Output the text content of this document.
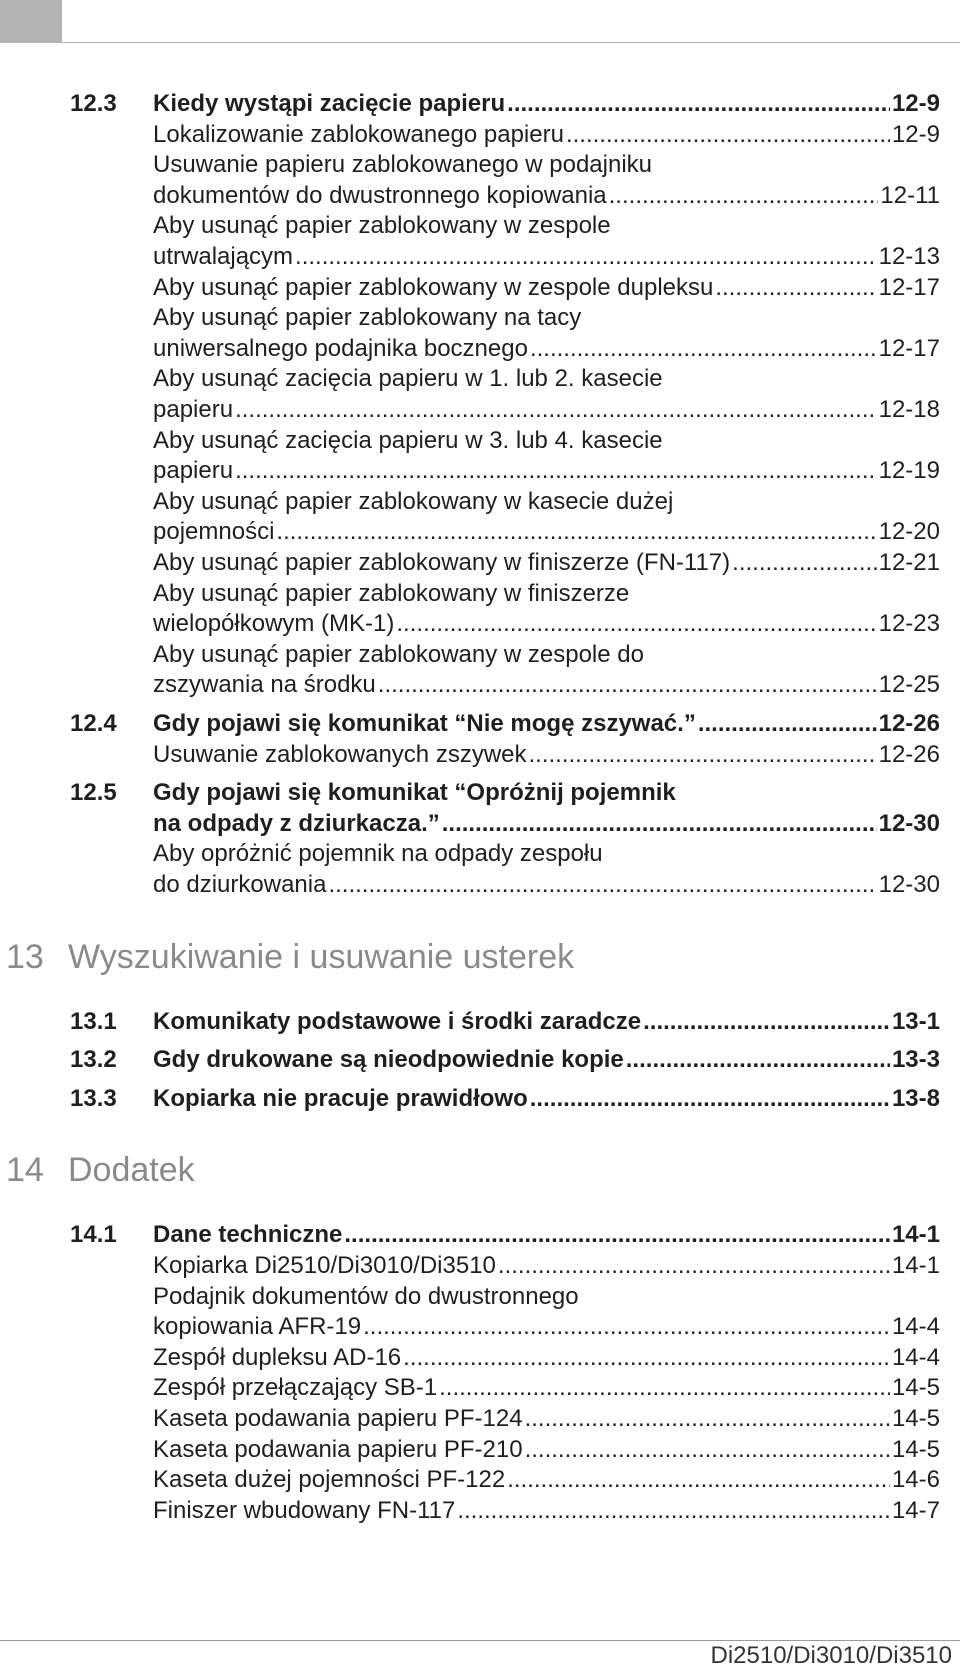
12.3 Kiedy wystąpi zacięcie papieru .....	12-9
Lokalizowanie zablokowanego papieru .....	12-9
Usuwanie papieru zablokowanego w podajniku
dokumentów do dwustronnego kopiowania .....	12-11
Aby usunąć papier zablokowany w zespole
utrwalającym .....	12-13
Aby usunąć papier zablokowany w zespole dupleksu .....	12-17
Aby usunąć papier zablokowany na tacy
uniwersalnego podajnika bocznego .....	12-17
Aby usunąć zacięcia papieru w 1. lub 2. kasecie
papieru .....	12-18
Aby usunąć zacięcia papieru w 3. lub 4. kasecie
papieru .....	12-19
Aby usunąć papier zablokowany w kasecie dużej
pojemności .....	12-20
Aby usunąć papier zablokowany w finiszerze (FN-117) .....	12-21
Aby usunąć papier zablokowany w finiszerze
wielopółkowym (MK-1) .....	12-23
Aby usunąć papier zablokowany w zespole do
zszywania na środku .....	12-25
12.4 Gdy pojawi się komunikat “Nie mogę zszywać.” .....	12-26
Usuwanie zablokowanych zszywek .....	12-26
12.5 Gdy pojawi się komunikat “Opróżnij pojemnik
na odpady z dziurkacza.” .....	12-30
Aby opróżnić pojemnik na odpady zespołu
do dziurkowania .....	12-30
13 Wyszukiwanie i usuwanie usterek
13.1 Komunikaty podstawowe i środki zaradcze .....	13-1
13.2 Gdy drukowane są nieodpowiednie kopie .....	13-3
13.3 Kopiarka nie pracuje prawidłowo .....	13-8
14 Dodatek
14.1 Dane techniczne .....	14-1
Kopiarka Di2510/Di3010/Di3510 .....	14-1
Podajnik dokumentów do dwustronnego
kopiowania AFR-19 .....	14-4
Zespół dupleksu AD-16 .....	14-4
Zespół przełączający SB-1 .....	14-5
Kaseta podawania papieru PF-124 .....	14-5
Kaseta podawania papieru PF-210 .....	14-5
Kaseta dużej pojemności PF-122 .....	14-6
Finiszer wbudowany FN-117 .....	14-7
Di2510/Di3010/Di3510
